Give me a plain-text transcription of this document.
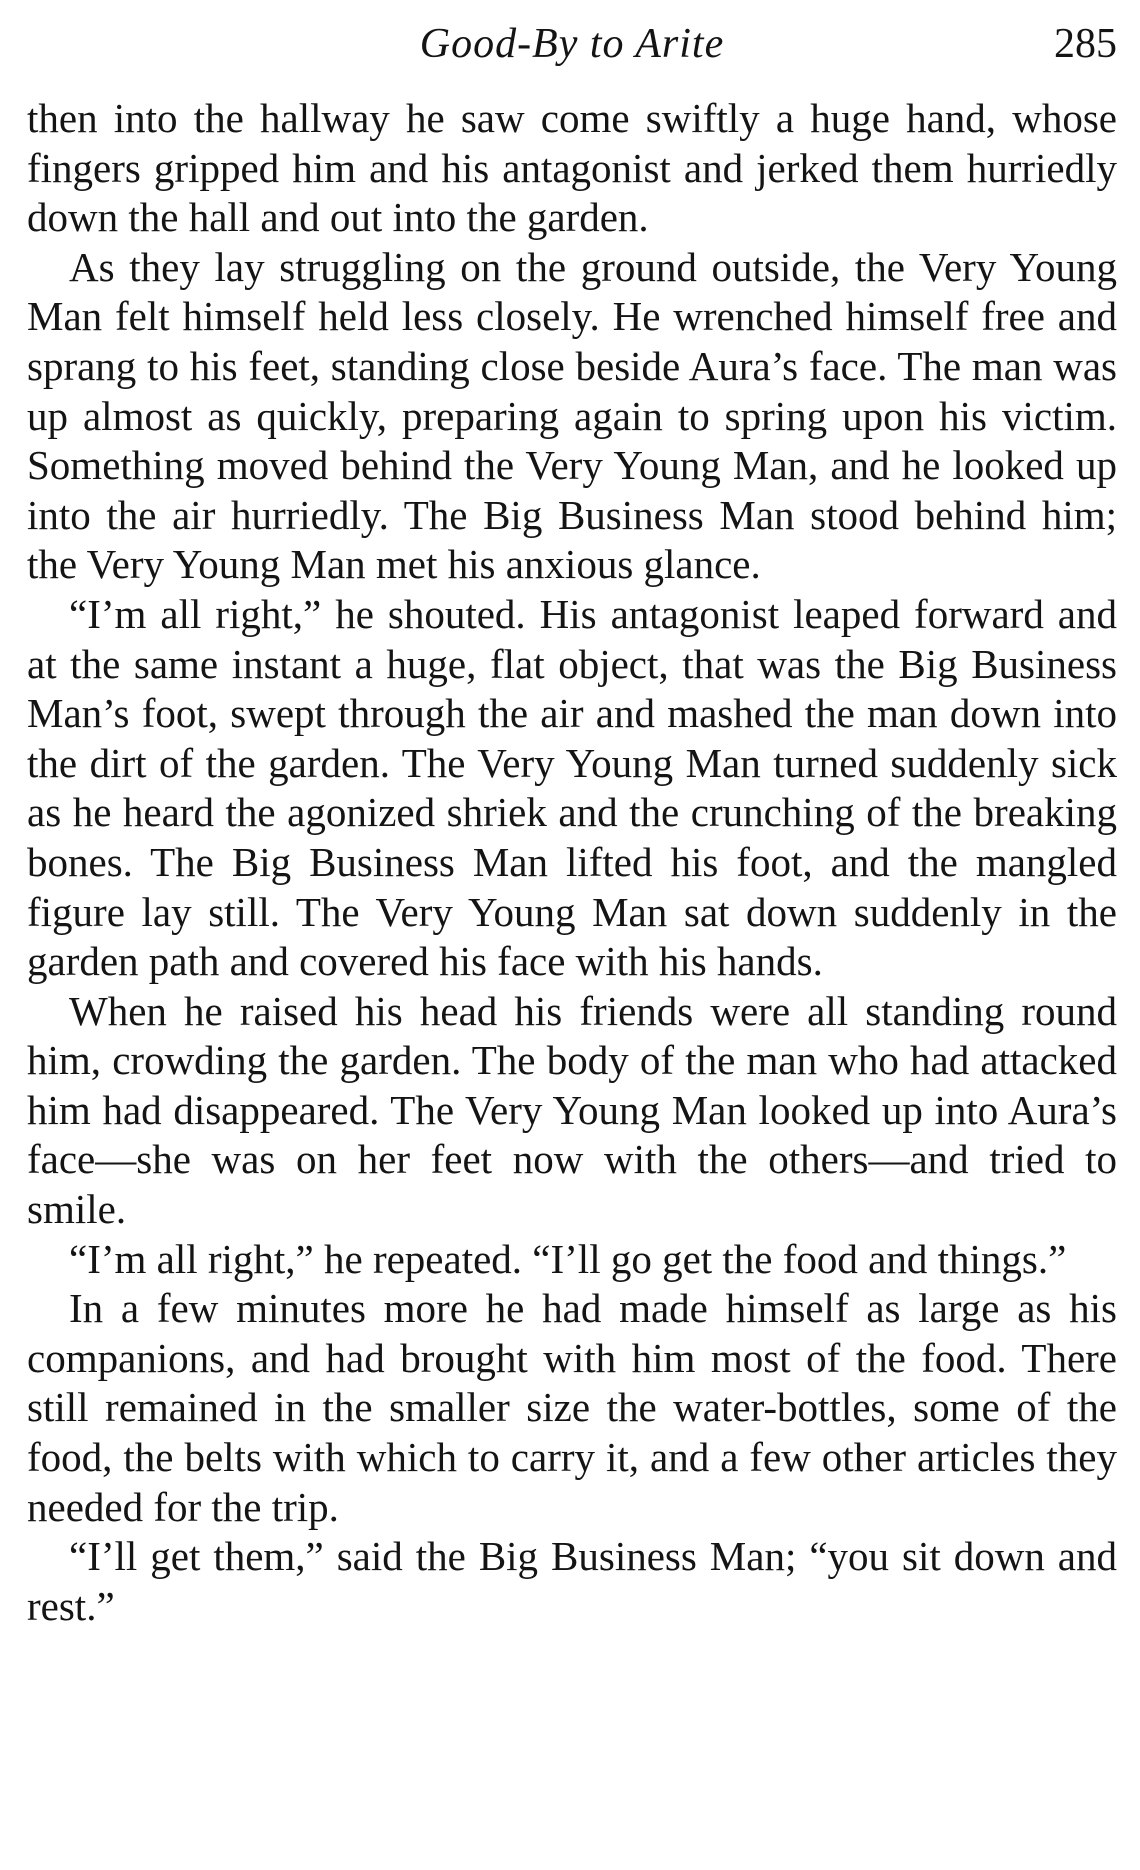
Good-By to Arite	285

then into the hallway he saw come swiftly a huge hand, whose fingers gripped him and his antagonist and jerked them hurriedly down the hall and out into the garden.

As they lay struggling on the ground outside, the Very Young Man felt himself held less closely. He wrenched himself free and sprang to his feet, standing close beside Aura’s face. The man was up almost as quickly, preparing again to spring upon his victim. Something moved behind the Very Young Man, and he looked up into the air hurriedly. The Big Business Man stood behind him; the Very Young Man met his anxious glance.

“I’m all right,” he shouted. His antagonist leaped forward and at the same instant a huge, flat object, that was the Big Business Man’s foot, swept through the air and mashed the man down into the dirt of the garden. The Very Young Man turned suddenly sick as he heard the agonized shriek and the crunching of the breaking bones. The Big Business Man lifted his foot, and the mangled figure lay still. The Very Young Man sat down suddenly in the garden path and covered his face with his hands.

When he raised his head his friends were all standing round him, crowding the garden. The body of the man who had attacked him had disappeared. The Very Young Man looked up into Aura’s face—she was on her feet now with the others—and tried to smile.

“I’m all right,” he repeated. “I’ll go get the food and things.”

In a few minutes more he had made himself as large as his companions, and had brought with him most of the food. There still remained in the smaller size the water-bottles, some of the food, the belts with which to carry it, and a few other articles they needed for the trip.

“I’ll get them,” said the Big Business Man; “you sit down and rest.”
